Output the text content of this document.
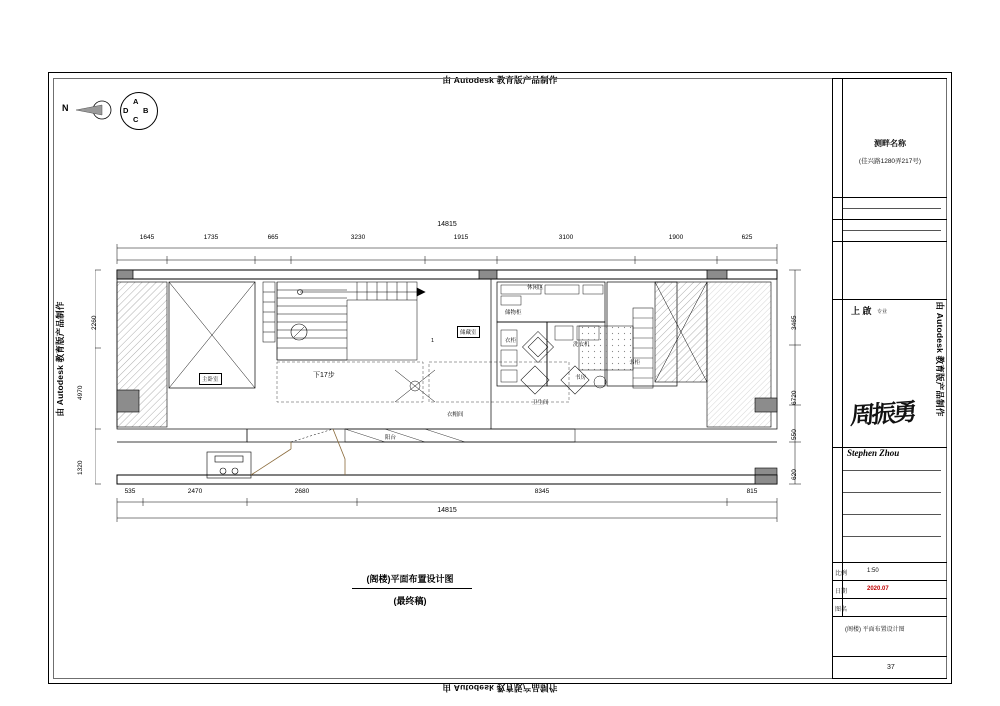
由 Autodesk 教育版产品制作
由 Autodesk 教育版产品制作
由 Autodesk 教育版产品制作	由 Autodesk 教育版产品制作
N
A
B
C
D
1645	1735	665	3230	1915	3100	1900	625
14815
535	2470	2680	8345	815
14815
2260
4970
1320
3465
6720
550
620
主卧室
储藏室
下17步
1
衣帽间
书房
休闲区
储物柜
衣柜
卫生间
洗衣机
书柜
阳台
(阁楼)平面布置设计图
(最终稿)
测畔名称
(佳兴路1280弄217号)
上 啟 专业
周振勇
Stephen Zhou
比例	1:50
日期	2020.07
图名
(阁楼) 平面布置设计图
37
